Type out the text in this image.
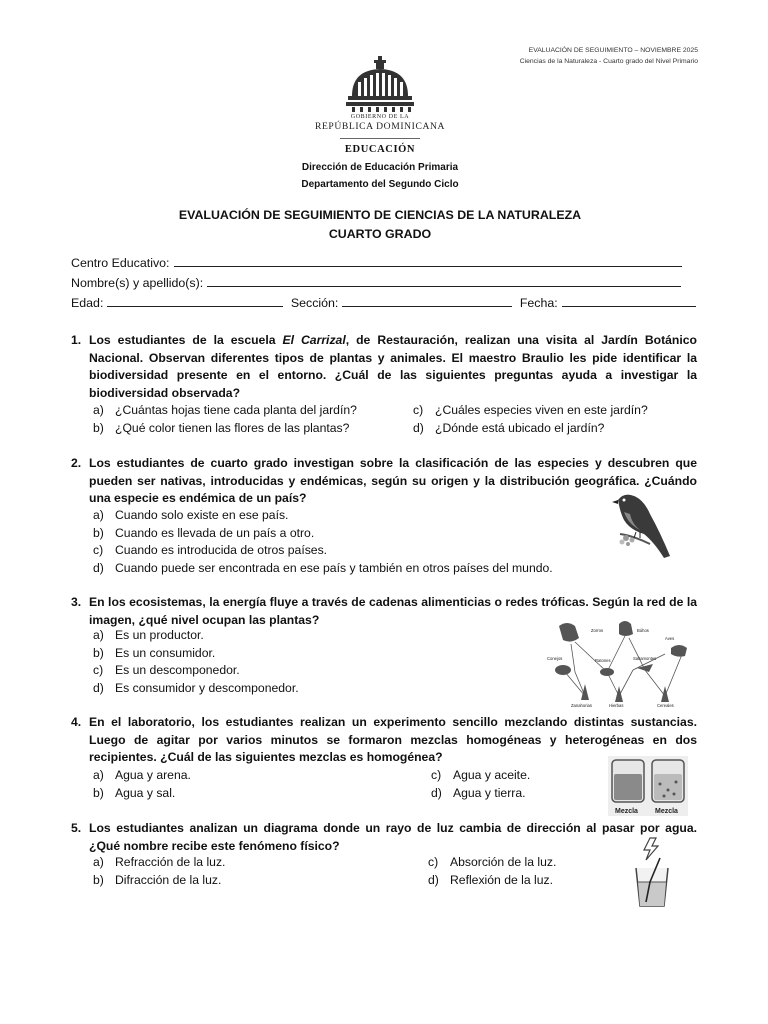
EVALUACIÓN DE SEGUIMIENTO – NOVIEMBRE 2025
Ciencias de la Naturaleza - Cuarto grado del Nivel Primario
GOBIERNO DE LA
REPÚBLICA DOMINICANA
EDUCACIÓN
Dirección de Educación Primaria
Departamento del Segundo Ciclo
EVALUACIÓN DE SEGUIMIENTO DE CIENCIAS DE LA NATURALEZA
CUARTO GRADO
Centro Educativo:
Nombre(s) y apellido(s):
Edad:	Sección:	Fecha:
1. Los estudiantes de la escuela El Carrizal, de Restauración, realizan una visita al Jardín Botánico Nacional. Observan diferentes tipos de plantas y animales. El maestro Braulio les pide identificar la biodiversidad presente en el entorno. ¿Cuál de las siguientes preguntas ayuda a investigar la biodiversidad observada?
a) ¿Cuántas hojas tiene cada planta del jardín?
b) ¿Qué color tienen las flores de las plantas?
c) ¿Cuáles especies viven en este jardín?
d) ¿Dónde está ubicado el jardín?
2. Los estudiantes de cuarto grado investigan sobre la clasificación de las especies y descubren que pueden ser nativas, introducidas y endémicas, según su origen y la distribución geográfica. ¿Cuándo una especie es endémica de un país?
a) Cuando solo existe en ese país.
b) Cuando es llevada de un país a otro.
c) Cuando es introducida de otros países.
d) Cuando puede ser encontrada en ese país y también en otros países del mundo.
3. En los ecosistemas, la energía fluye a través de cadenas alimenticias o redes tróficas. Según la red de la imagen, ¿qué nivel ocupan las plantas?
a) Es un productor.
b) Es un consumidor.
c) Es un descomponedor.
d) Es consumidor y descomponedor.
Zorros	Búhos
Aves
Conejos	Ratones	Saltamontes
Zanahorias	Hierbas	Cereales
4. En el laboratorio, los estudiantes realizan un experimento sencillo mezclando distintas sustancias. Luego de agitar por varios minutos se formaron mezclas homogéneas y heterogéneas en dos recipientes. ¿Cuál de las siguientes mezclas es homogénea?
a) Agua y arena.
b) Agua y sal.
c) Agua y aceite.
d) Agua y tierra.
Mezcla Mezcla
5. Los estudiantes analizan un diagrama donde un rayo de luz cambia de dirección al pasar por agua. ¿Qué nombre recibe este fenómeno físico?
a) Refracción de la luz.
b) Difracción de la luz.
c) Absorción de la luz.
d) Reflexión de la luz.
